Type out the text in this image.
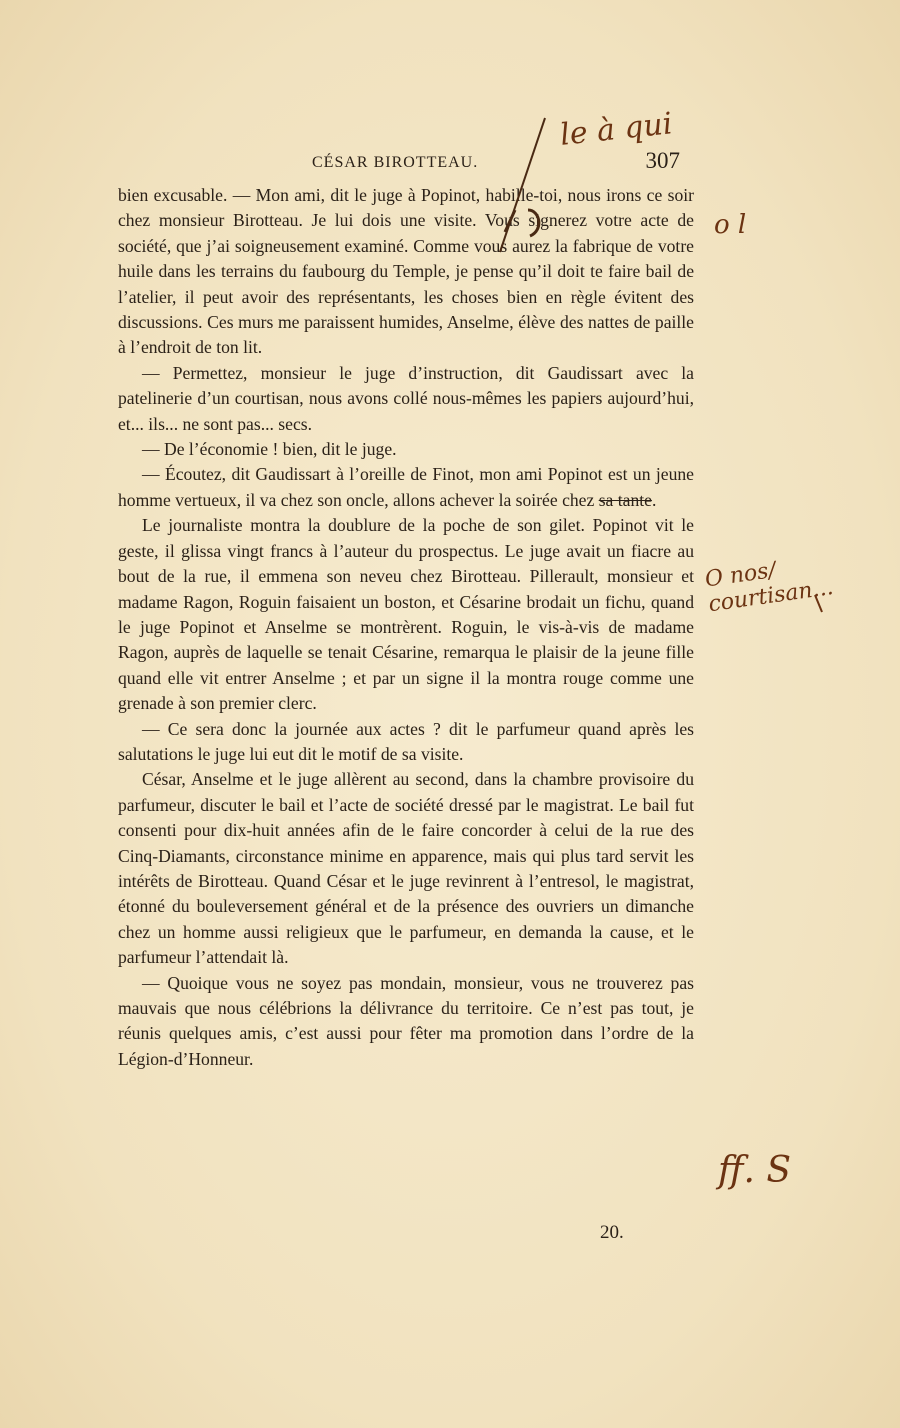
CÉSAR BIROTTEAU.	307

bien excusable. — Mon ami, dit le juge à Popinot, habille-toi, nous irons ce soir chez monsieur Birotteau. Je lui dois une visite. Vous signerez votre acte de société, que j’ai soigneusement examiné. Comme vous aurez la fabrique de votre huile dans les terrains du faubourg du Temple, je pense qu’il doit te faire bail de l’atelier, il peut avoir des représentants, les choses bien en règle évitent des discussions. Ces murs me paraissent humides, Anselme, élève des nattes de paille à l’endroit de ton lit.

— Permettez, monsieur le juge d’instruction, dit Gaudissart avec la patelinerie d’un courtisan, nous avons collé nous-mêmes les papiers aujourd’hui, et... ils... ne sont pas... secs.

— De l’économie ! bien, dit le juge.

— Écoutez, dit Gaudissart à l’oreille de Finot, mon ami Popinot est un jeune homme vertueux, il va chez son oncle, allons achever la soirée chez sa tante.

Le journaliste montra la doublure de la poche de son gilet. Popinot vit le geste, il glissa vingt francs à l’auteur du prospectus. Le juge avait un fiacre au bout de la rue, il emmena son neveu chez Birotteau. Pillerault, monsieur et madame Ragon, Roguin faisaient un boston, et Césarine brodait un fichu, quand le juge Popinot et Anselme se montrèrent. Roguin, le vis-à-vis de madame Ragon, auprès de laquelle se tenait Césarine, remarqua le plaisir de la jeune fille quand elle vit entrer Anselme ; et par un signe il la montra rouge comme une grenade à son premier clerc.

— Ce sera donc la journée aux actes ? dit le parfumeur quand après les salutations le juge lui eut dit le motif de sa visite.

César, Anselme et le juge allèrent au second, dans la chambre provisoire du parfumeur, discuter le bail et l’acte de société dressé par le magistrat. Le bail fut consenti pour dix-huit années afin de le faire concorder à celui de la rue des Cinq-Diamants, circonstance minime en apparence, mais qui plus tard servit les intérêts de Birotteau. Quand César et le juge revinrent à l’entresol, le magistrat, étonné du bouleversement général et de la présence des ouvriers un dimanche chez un homme aussi religieux que le parfumeur, en demanda la cause, et le parfumeur l’attendait là.

— Quoique vous ne soyez pas mondain, monsieur, vous ne trouverez pas mauvais que nous célébrions la délivrance du territoire. Ce n’est pas tout, je réunis quelques amis, c’est aussi pour fêter ma promotion dans l’ordre de la Légion-d’Honneur.

20.
le à qui
o l
O nos/ courtisan...
ff. S
